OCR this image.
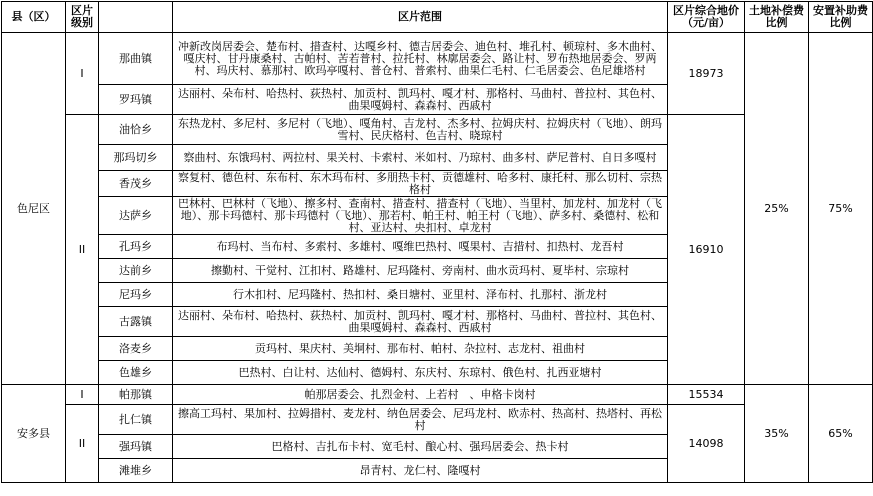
县（区）	区片级别		区片范围	区片综合地价（元/亩）	土地补偿费比例	安置补助费比例
色尼区	I	那曲镇	冲新改岗居委会、楚布村、措查村、达嘎乡村、德吉居委会、迪色村、堆孔村、顿琼村、多木曲村、嘎庆村、甘丹康桑村、古帕村、苦若普村、拉托村、林廓居委会、路让村、罗布热地居委会、罗两村、玛庆村、慕那村、欧玛亭嘎村、普仓村、普索村、曲果仁毛村、仁毛居委会、色尼雄塔村	18973	25%	75%
		罗玛镇	达丽村、朵布村、哈热村、荻热村、加贡村、凯玛村、嘎才村、那格村、马曲村、普拉村、其色村、曲果嘎姆村、森森村、西戚村			
	II	油恰乡	东热龙村、多尼村、多尼村（飞地）、嘎角村、吉龙村、杰多村、拉姆庆村、拉姆庆村（飞地）、朗玛雪村、民庆格村、色吉村、晓琼村	16910		
		那玛切乡	察曲村、东饿玛村、两拉村、果关村、卡索村、米如村、乃琼村、曲多村、萨尼普村、自日多嘎村			
		香茂乡	察复村、德色村、东布村、东木玛布村、多朋热卡村、贡德雄村、哈多村、康托村、那么切村、宗热格村			
		达萨乡	巴林村、巴林村（飞地）、擦多村、查南村、措查村、措查村（飞地）、当里村、加龙村、加龙村（飞地）、那卡玛德村、那卡玛德村（飞地）、那若村、帕王村、帕王村（飞地）、萨多村、桑德村、松和村、亚达村、央扣村、卓龙村			
		孔玛乡	布玛村、当布村、多索村、多雄村、嘎维巴热村、嘎果村、吉措村、扣热村、龙吾村			
		达前乡	擦勤村、干觉村、江扣村、路雄村、尼玛隆村、旁南村、曲水贡玛村、夏毕村、宗琼村			
		尼玛乡	行木扣村、尼玛隆村、热扣村、桑日塘村、亚里村、泽布村、扎那村、浙龙村			
		古露镇	达丽村、朵布村、哈热村、荻热村、加贡村、凯玛村、嘎才村、那格村、马曲村、普拉村、其色村、曲果嘎姆村、森森村、西戚村			
		洛麦乡	贡玛村、果庆村、美垌村、那布村、帕村、杂拉村、志龙村、祖曲村			
		色雄乡	巴热村、白让村、达仙村、德姆村、东庆村、东琼村、俄色村、扎西亚塘村			
安多县	I	帕那镇	帕那居委会、扎烈金村、上若村　、申格卡岗村	15534	35%	65%
	II	扎仁镇	擦高工玛村、果加村、拉姆措村、麦龙村、纳色居委会、尼玛龙村、欧赤村、热高村、热塔村、再松村	14098		
		强玛镇	巴格村、吉扎布卡村、宽毛村、酿心村、强玛居委会、热卡村			
		滩堆乡	昂青村、龙仁村、隆嘎村			
